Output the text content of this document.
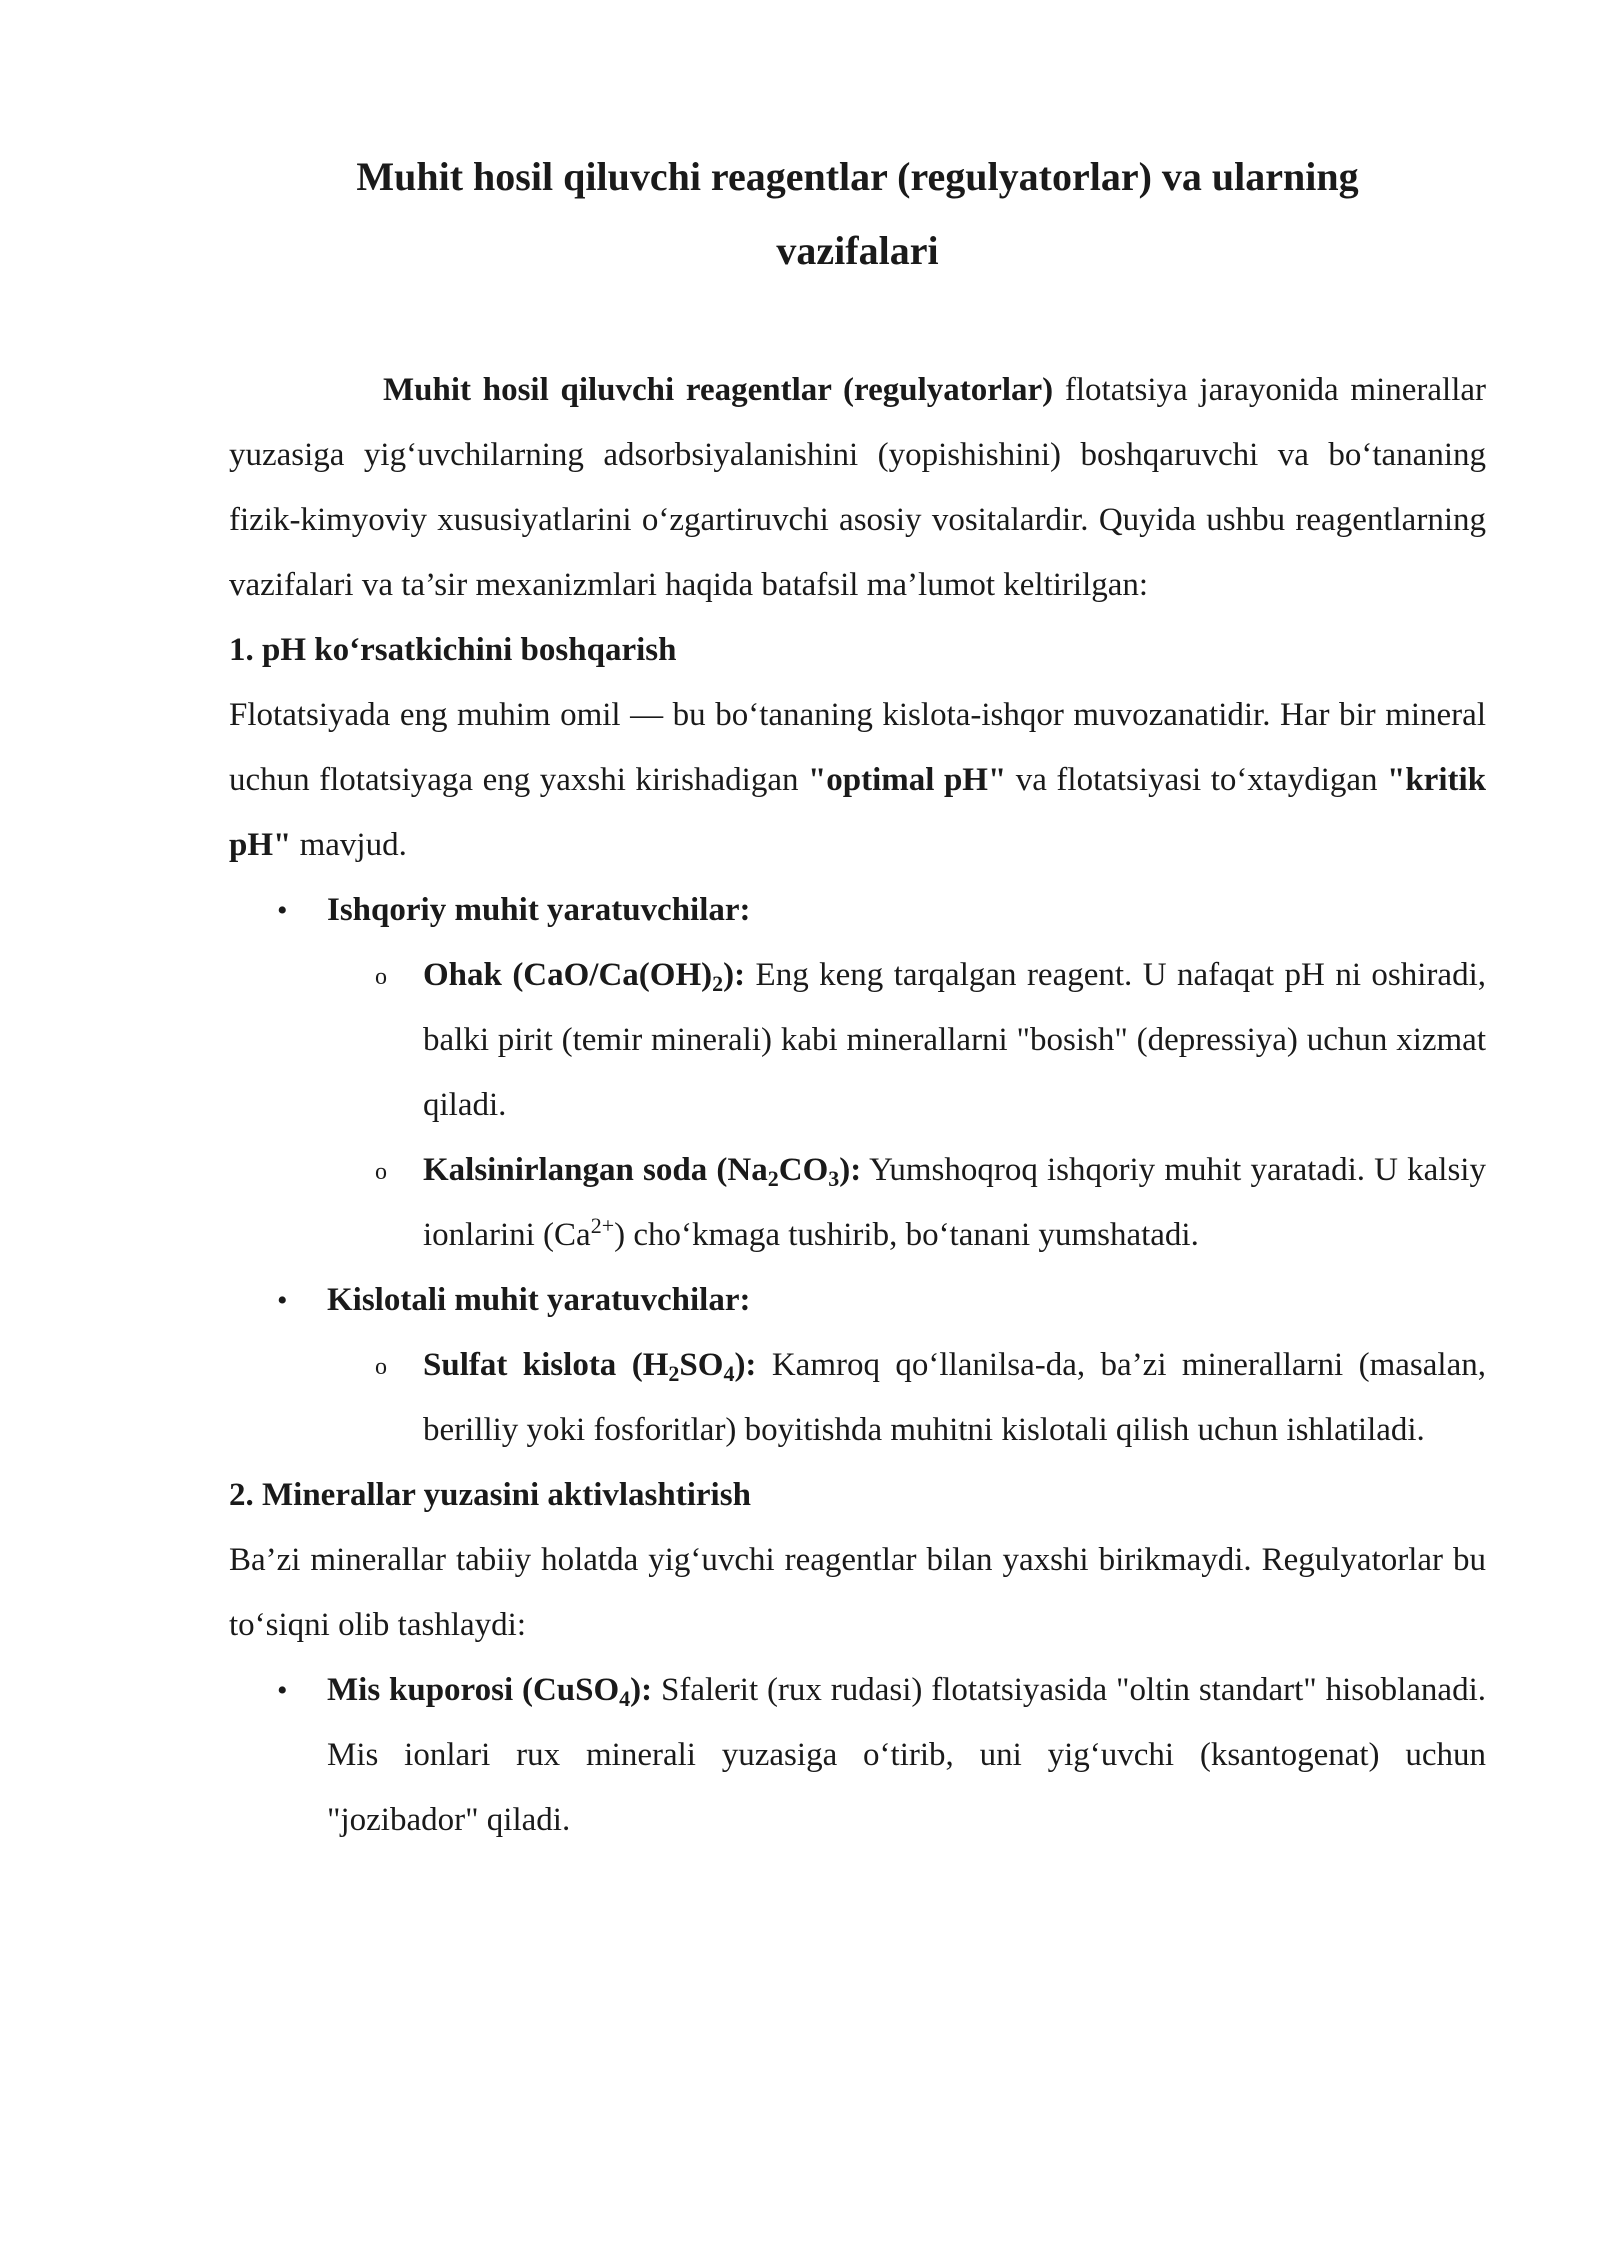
Muhit hosil qiluvchi reagentlar (regulyatorlar) va ularning
vazifalari

Muhit hosil qiluvchi reagentlar (regulyatorlar) flotatsiya jarayonida minerallar yuzasiga yig‘uvchilarning adsorbsiyalanishini (yopishishini) boshqaruvchi va bo‘tananing fizik-kimyoviy xususiyatlarini o‘zgartiruvchi asosiy vositalardir. Quyida ushbu reagentlarning vazifalari va ta’sir mexanizmlari haqida batafsil ma’lumot keltirilgan:

1. pH ko‘rsatkichini boshqarish

Flotatsiyada eng muhim omil — bu bo‘tananing kislota-ishqor muvozanatidir. Har bir mineral uchun flotatsiyaga eng yaxshi kirishadigan "optimal pH" va flotatsiyasi to‘xtaydigan "kritik pH" mavjud.

• Ishqoriy muhit yaratuvchilar:
o Ohak $(CaO/Ca(OH)_2)$: Eng keng tarqalgan reagent. U nafaqat pH ni oshiradi, balki pirit (temir minerali) kabi minerallarni "bosish" (depressiya) uchun xizmat qiladi.
o Kalsinirlangan soda $(Na_2CO_3)$: Yumshoqroq ishqoriy muhit yaratadi. U kalsiy ionlarini $(Ca^{2+})$ cho‘kmaga tushirib, bo‘tanani yumshatadi.
• Kislotali muhit yaratuvchilar:
o Sulfat kislota $(H_2SO_4)$: Kamroq qo‘llanilsa-da, ba’zi minerallarni (masalan, berilliy yoki fosforitlar) boyitishda muhitni kislotali qilish uchun ishlatiladi.
2. Minerallar yuzasini aktivlashtirish

Ba’zi minerallar tabiiy holatda yig‘uvchi reagentlar bilan yaxshi birikmaydi. Regulyatorlar bu to‘siqni olib tashlaydi:

• Mis kuporosi (CuSO$_4$): Sfalerit (rux rudasi) flotatsiyasida "oltin standart" hisoblanadi. Mis ionlari rux minerali yuzasiga o‘tirib, uni yig‘uvchi (ksantogenat) uchun "jozibador" qiladi.
